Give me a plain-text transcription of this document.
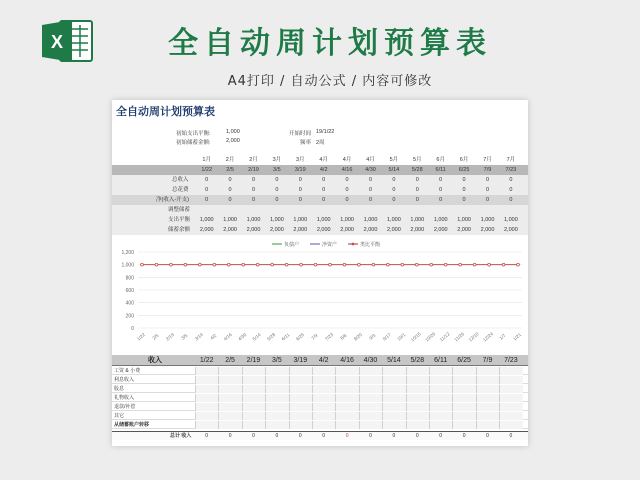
X	全自动周计划预算表
A4打印 / 自动公式 / 内容可修改
全自动周计划预算表
初始支出平衡:	1,000
初始储蓄金额:	2,000
开始时间 19/1/22
频率 2周
1月	2月	2月	3月	3月	4月	4月	4月	5月	5月	6月	6月	7月	7月
1/22	2/5	2/19	3/5	3/19	4/2	4/16	4/30	5/14	5/28	6/11	6/25	7/9	7/23
总收入	0	0	0	0	0	0	0	0	0	0	0	0	0	0
总花费	0	0	0	0	0	0	0	0	0	0	0	0	0	0
净(收入-开支)	0	0	0	0	0	0	0	0	0	0	0	0	0	0
调整储蓄
支出平衡	1,000	1,000	1,000	1,000	1,000	1,000	1,000	1,000	1,000	1,000	1,000	1,000	1,000	1,000
储蓄余额	2,000	2,000	2,000	2,000	2,000	2,000	2,000	2,000	2,000	2,000	2,000	2,000	2,000	2,000
1,200
1,000
800
600
400
200
0
1/22 2/5 2/19 3/5 3/19 4/2 4/16 4/30 5/14 5/28 6/11 6/25 7/9 7/23 8/6 8/20 9/3 9/17 10/1 10/15 10/29 11/12 11/26 12/10 12/24 1/7 1/21
负债户	净资产	类比平衡
收入	1/22	2/5	2/19	3/5	3/19	4/2	4/16	4/30	5/14	5/28	6/11	6/25	7/9	7/23
工资 & 小费
利息收入
股息
礼物收入
退款/补偿
其它
从储蓄账户转移
总计 收入	0	0	0	0	0	0	0	0	0	0	0	0	0	0
